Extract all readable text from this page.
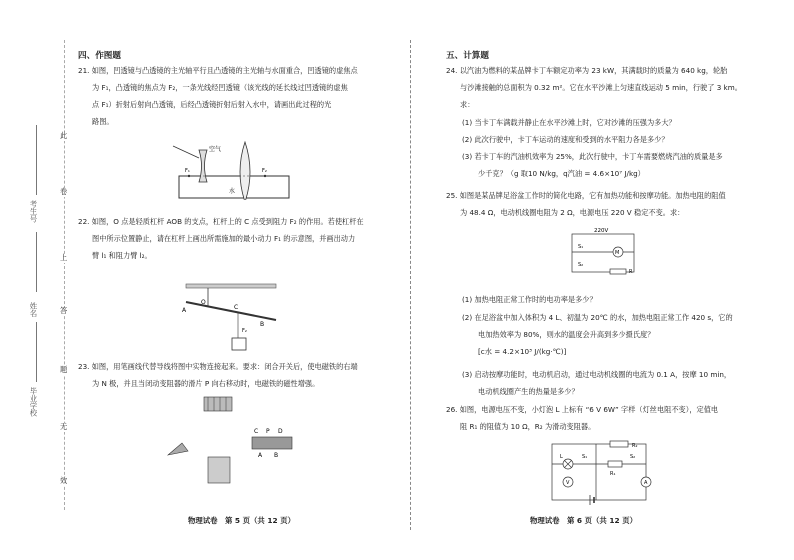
此
卷
上
答
题
无
效
考生号
姓名
毕业学校
四、作图题
21. 如图，凹透镜与凸透镜的主光轴平行且凸透镜的主光轴与水面重合，凹透镜的虚焦点
为 F₁，凸透镜的焦点为 F₂，一条光线经凹透镜（该光线的延长线过凹透镜的虚焦
点 F₁）折射后射向凸透镜，后经凸透镜折射后射入水中，请画出此过程的光
路图。
空气
水
F₁	F₂
22. 如图，O 点是轻质杠杆 AOB 的支点，杠杆上的 C 点受到阻力 F₂ 的作用。若使杠杆在
图中所示位置静止，请在杠杆上画出所需施加的最小动力 F₁ 的示意图，并画出动力
臂 l₁ 和阻力臂 l₂。
O
A
B
C
F₂
23. 如图，用笔画线代替导线将图中实物连接起来。要求：闭合开关后，使电磁铁的右端
为 N 极，并且当闭动变阻器的滑片 P 向右移动时，电磁铁的磁性增强。
C P D
A B
物理试卷　第 5 页（共 12 页）
五、计算题
24. 以汽油为燃料的某品牌卡丁车额定功率为 23 kW，其满载时的质量为 640 kg，轮胎
与沙滩接触的总面积为 0.32 m²。它在水平沙滩上匀速直线运动 5 min，行驶了 3 km。
求：
(1) 当卡丁车满载并静止在水平沙滩上时，它对沙滩的压强为多大？
(2) 此次行驶中，卡丁车运动的速度和受到的水平阻力各是多少？
(3) 若卡丁车的汽油机效率为 25%，此次行驶中，卡丁车需要燃烧汽油的质量是多
少千克？（g 取10 N/kg，q汽油 = 4.6×10⁷ J/kg）
25. 如图是某品牌足浴盆工作时的简化电路，它有加热功能和按摩功能。加热电阻的阻值
为 48.4 Ω，电动机线圈电阻为 2 Ω，电源电压 220 V 稳定不变。求：
220V
M
S₁
S₂
R
(1) 加热电阻正常工作时的电功率是多少？
(2) 在足浴盆中加入体积为 4 L、初温为 20℃ 的水，加热电阻正常工作 420 s，它的
电加热效率为 80%，则水的温度会升高到多少摄氏度？
[c水 = 4.2×10³ J/(kg·℃)]
(3) 启动按摩功能时，电动机启动，通过电动机线圈的电流为 0.1 A，按摩 10 min，
电动机线圈产生的热量是多少？
26. 如图，电源电压不变，小灯泡 L 上标有 “6 V 6W” 字样（灯丝电阻不变），定值电
阻 R₁ 的阻值为 10 Ω，R₂ 为滑动变阻器。
L
V	A
S₁	S₂
R₁
R₂
物理试卷　第 6 页（共 12 页）
